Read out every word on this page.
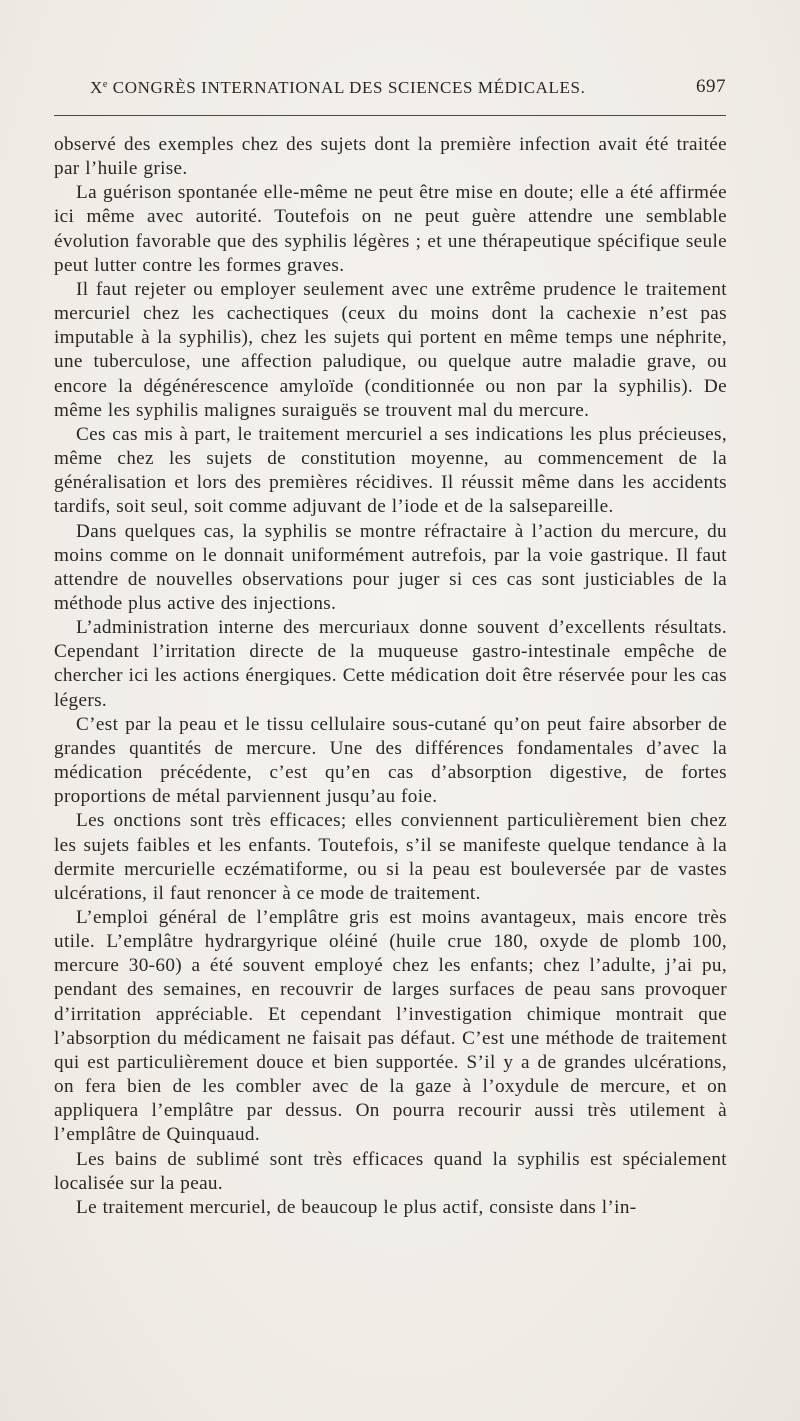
Xe CONGRÈS INTERNATIONAL DES SCIENCES MÉDICALES.	697

observé des exemples chez des sujets dont la première infection avait été traitée par l’huile grise.

La guérison spontanée elle-même ne peut être mise en doute; elle a été affirmée ici même avec autorité. Toutefois on ne peut guère attendre une semblable évolution favorable que des syphilis légères ; et une thérapeutique spécifique seule peut lutter contre les formes graves.

Il faut rejeter ou employer seulement avec une extrême prudence le traitement mercuriel chez les cachectiques (ceux du moins dont la cachexie n’est pas imputable à la syphilis), chez les sujets qui portent en même temps une néphrite, une tuberculose, une affection paludique, ou quelque autre maladie grave, ou encore la dégénérescence amyloïde (conditionnée ou non par la syphilis). De même les syphilis malignes suraiguës se trouvent mal du mercure.

Ces cas mis à part, le traitement mercuriel a ses indications les plus précieuses, même chez les sujets de constitution moyenne, au commencement de la généralisation et lors des premières récidives. Il réussit même dans les accidents tardifs, soit seul, soit comme adjuvant de l’iode et de la salsepareille.

Dans quelques cas, la syphilis se montre réfractaire à l’action du mercure, du moins comme on le donnait uniformément autrefois, par la voie gastrique. Il faut attendre de nouvelles observations pour juger si ces cas sont justiciables de la méthode plus active des injections.

L’administration interne des mercuriaux donne souvent d’excellents résultats. Cependant l’irritation directe de la muqueuse gastro-intestinale empêche de chercher ici les actions énergiques. Cette médication doit être réservée pour les cas légers.

C’est par la peau et le tissu cellulaire sous-cutané qu’on peut faire absorber de grandes quantités de mercure. Une des différences fondamentales d’avec la médication précédente, c’est qu’en cas d’absorption digestive, de fortes proportions de métal parviennent jusqu’au foie.

Les onctions sont très efficaces; elles conviennent particulièrement bien chez les sujets faibles et les enfants. Toutefois, s’il se manifeste quelque tendance à la dermite mercurielle eczématiforme, ou si la peau est bouleversée par de vastes ulcérations, il faut renoncer à ce mode de traitement.

L’emploi général de l’emplâtre gris est moins avantageux, mais encore très utile. L’emplâtre hydrargyrique oléiné (huile crue 180, oxyde de plomb 100, mercure 30-60) a été souvent employé chez les enfants; chez l’adulte, j’ai pu, pendant des semaines, en recouvrir de larges surfaces de peau sans provoquer d’irritation appréciable. Et cependant l’investigation chimique montrait que l’absorption du médicament ne faisait pas défaut. C’est une méthode de traitement qui est particulièrement douce et bien supportée. S’il y a de grandes ulcérations, on fera bien de les combler avec de la gaze à l’oxydule de mercure, et on appliquera l’emplâtre par dessus. On pourra recourir aussi très utilement à l’emplâtre de Quinquaud.

Les bains de sublimé sont très efficaces quand la syphilis est spécialement localisée sur la peau.

Le traitement mercuriel, de beaucoup le plus actif, consiste dans l’in-
